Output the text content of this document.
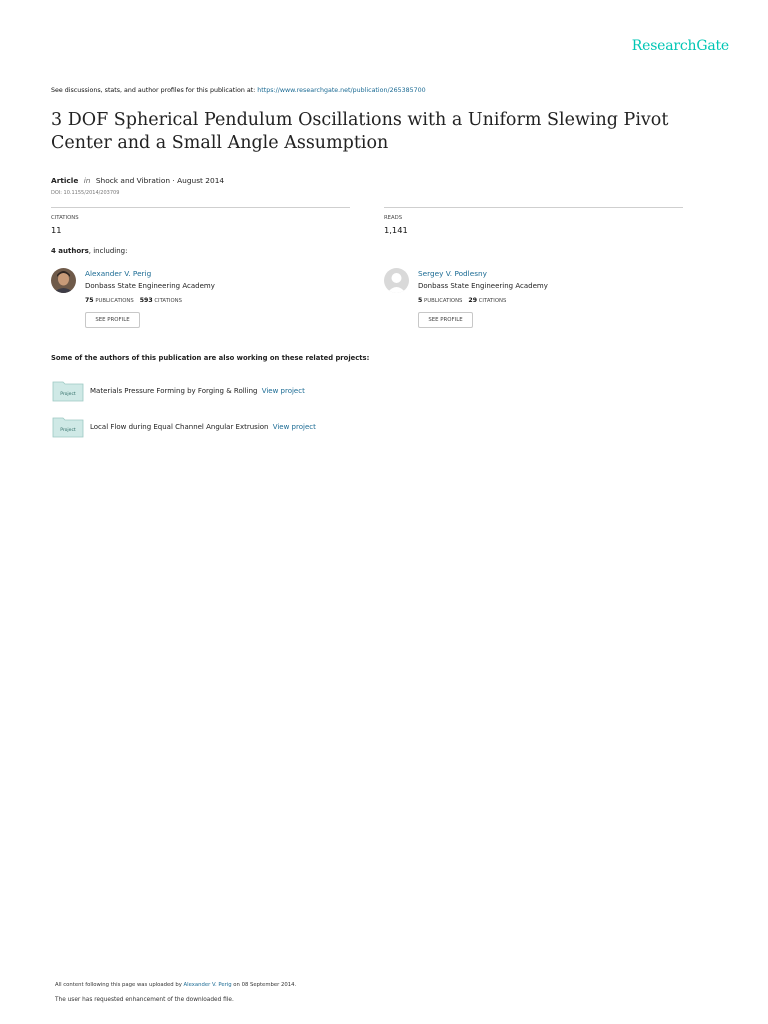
ResearchGate
See discussions, stats, and author profiles for this publication at: https://www.researchgate.net/publication/265385700
3 DOF Spherical Pendulum Oscillations with a Uniform Slewing Pivot Center and a Small Angle Assumption
Article in Shock and Vibration · August 2014
DOI: 10.1155/2014/203709
CITATIONS
11
READS
1,141
4 authors, including:
Alexander V. Perig
Donbass State Engineering Academy
75 PUBLICATIONS 593 CITATIONS
SEE PROFILE
Sergey V. Podlesny
Donbass State Engineering Academy
5 PUBLICATIONS 29 CITATIONS
SEE PROFILE
Some of the authors of this publication are also working on these related projects:
Project Materials Pressure Forming by Forging & Rolling View project
Project Local Flow during Equal Channel Angular Extrusion View project
All content following this page was uploaded by Alexander V. Perig on 08 September 2014.
The user has requested enhancement of the downloaded file.
